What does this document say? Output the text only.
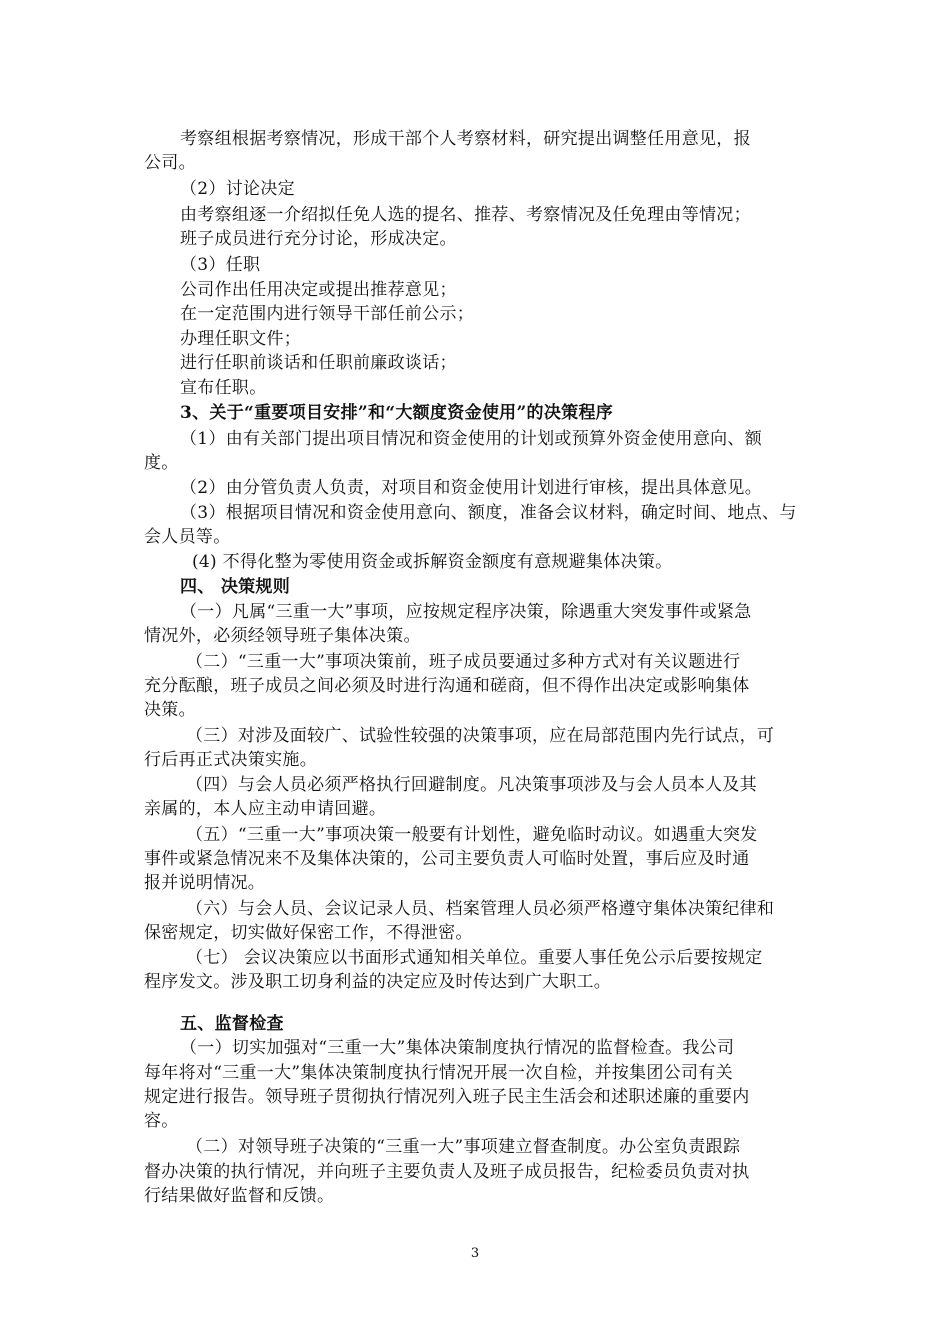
考察组根据考察情况，形成干部个人考察材料，研究提出调整任用意见，报
公司。
（2）讨论决定
由考察组逐一介绍拟任免人选的提名、推荐、考察情况及任免理由等情况；
班子成员进行充分讨论，形成决定。
（3）任职
公司作出任用决定或提出推荐意见；
在一定范围内进行领导干部任前公示；
办理任职文件；
进行任职前谈话和任职前廉政谈话；
宣布任职。
3、关于“重要项目安排”和“大额度资金使用”的决策程序
（1）由有关部门提出项目情况和资金使用的计划或预算外资金使用意向、额
度。
（2）由分管负责人负责，对项目和资金使用计划进行审核，提出具体意见。
（3）根据项目情况和资金使用意向、额度，准备会议材料，确定时间、地点、与
会人员等。
(4) 不得化整为零使用资金或拆解资金额度有意规避集体决策。
四、 决策规则
（一）凡属“三重一大”事项，应按规定程序决策，除遇重大突发事件或紧急
情况外，必须经领导班子集体决策。
（二）“三重一大”事项决策前，班子成员要通过多种方式对有关议题进行
充分酝酿，班子成员之间必须及时进行沟通和磋商，但不得作出决定或影响集体
决策。
（三）对涉及面较广、试验性较强的决策事项，应在局部范围内先行试点，可
行后再正式决策实施。
（四）与会人员必须严格执行回避制度。凡决策事项涉及与会人员本人及其
亲属的，本人应主动申请回避。
（五）“三重一大”事项决策一般要有计划性，避免临时动议。如遇重大突发
事件或紧急情况来不及集体决策的，公司主要负责人可临时处置，事后应及时通
报并说明情况。
（六）与会人员、会议记录人员、档案管理人员必须严格遵守集体决策纪律和
保密规定，切实做好保密工作，不得泄密。
（七） 会议决策应以书面形式通知相关单位。重要人事任免公示后要按规定
程序发文。涉及职工切身利益的决定应及时传达到广大职工。
五、监督检查
（一）切实加强对“三重一大”集体决策制度执行情况的监督检查。我公司
每年将对“三重一大”集体决策制度执行情况开展一次自检，并按集团公司有关
规定进行报告。领导班子贯彻执行情况列入班子民主生活会和述职述廉的重要内
容。
（二）对领导班子决策的“三重一大”事项建立督查制度。办公室负责跟踪
督办决策的执行情况，并向班子主要负责人及班子成员报告，纪检委员负责对执
行结果做好监督和反馈。
3
